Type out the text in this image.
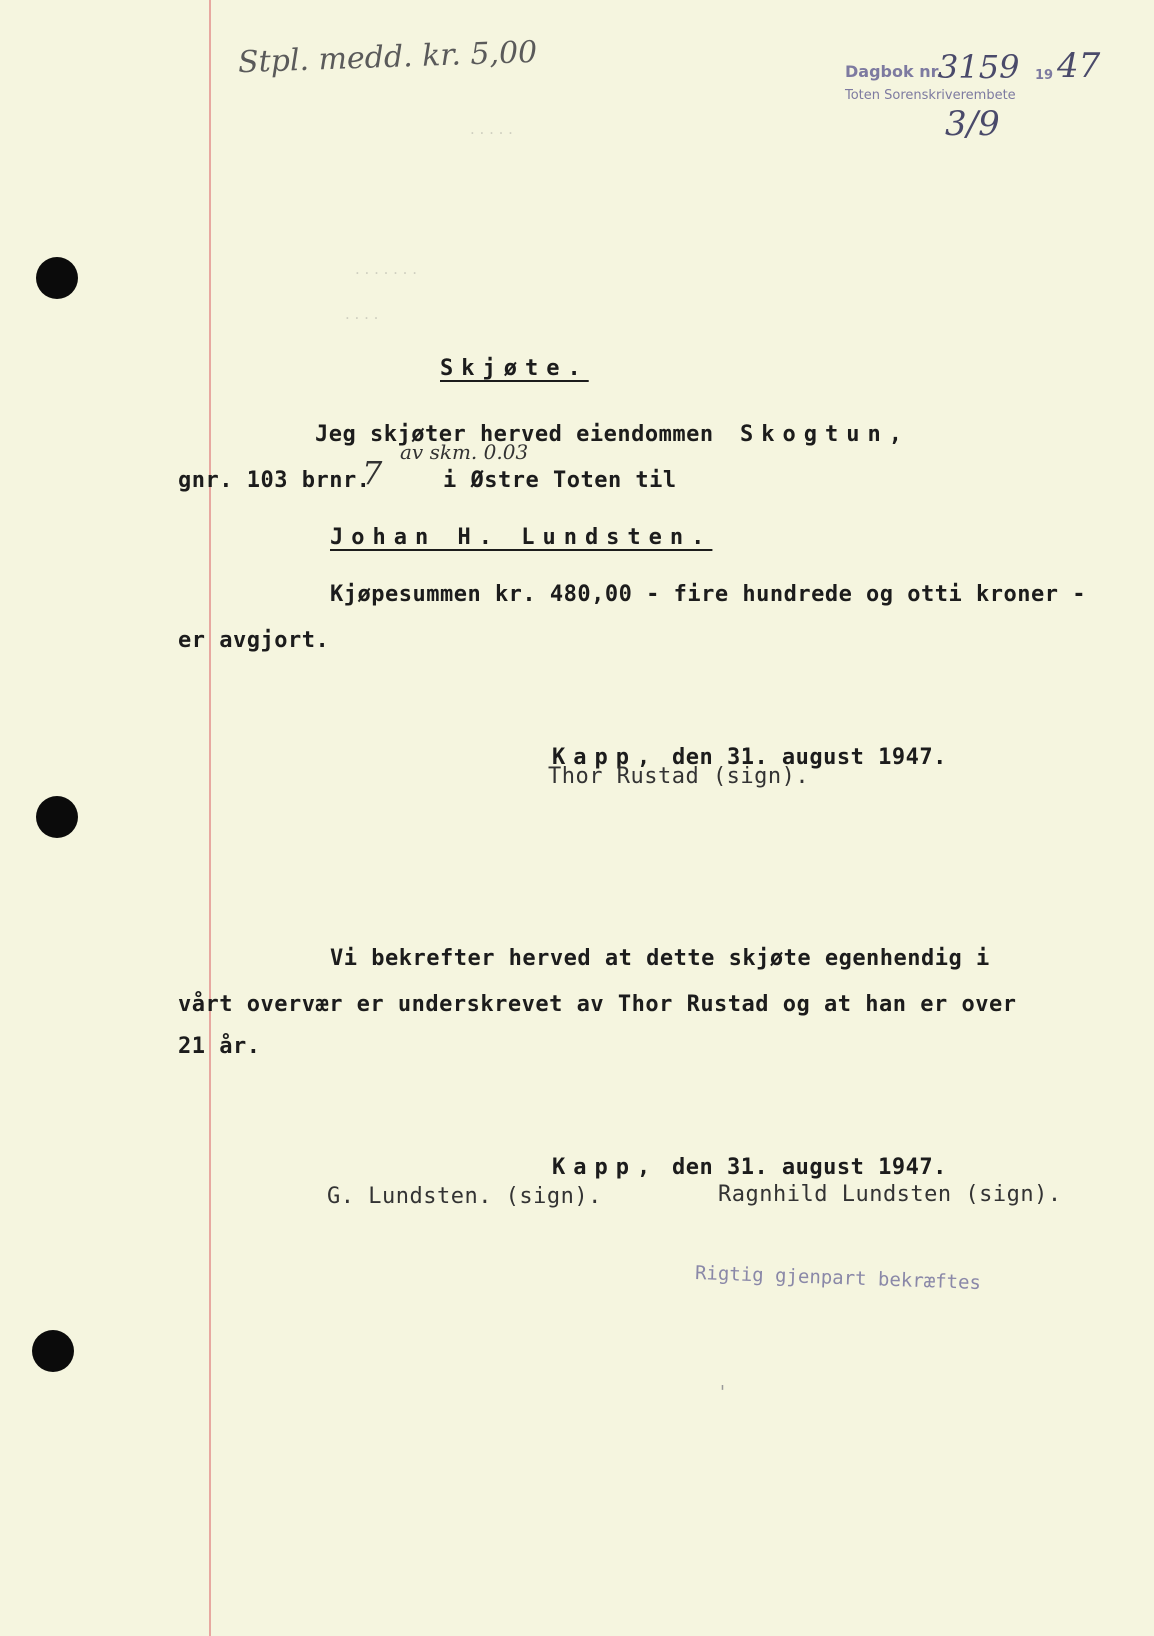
Stpl. medd. kr. 5,00	Dagbok nr.
3159 19 47
Toten Sorenskriverembete
3/9
. . . . .
. . . . . . .
. . . .
Skjøte.
Jeg skjøter herved eiendommen Skogtun,
gnr. 103 brnr.
7
av skm. 0.03
i Østre Toten til
Johan H. Lundsten.
Kjøpesummen kr. 480,00 - fire hundrede og otti kroner -
er avgjort.

Kapp, den 31. august 1947.

Thor Rustad (sign).
Vi bekrefter herved at dette skjøte egenhendig i
vårt overvær er underskrevet av Thor Rustad og at han er over
21 år.

Kapp, den 31. august 1947.

G. Lundsten. (sign).	Ragnhild Lundsten (sign).
Rigtig gjenpart bekræftes
'
